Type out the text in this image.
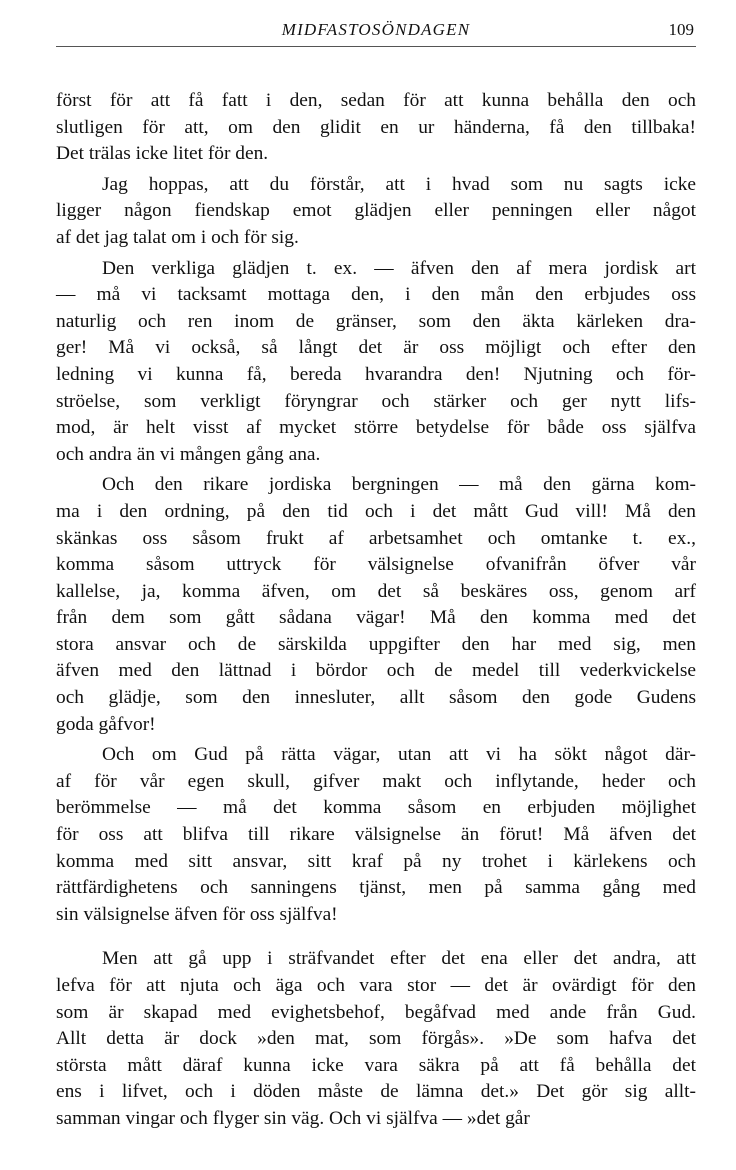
MIDFASTOSÖNDAGEN	109
först för att få fatt i den, sedan för att kunna behålla den och
slutligen för att, om den glidit en ur händerna, få den tillbaka!
Det trälas icke litet för den.
Jag hoppas, att du förstår, att i hvad som nu sagts icke
ligger någon fiendskap emot glädjen eller penningen eller något
af det jag talat om i och för sig.
Den verkliga glädjen t. ex. — äfven den af mera jordisk art
— må vi tacksamt mottaga den, i den mån den erbjudes oss
naturlig och ren inom de gränser, som den äkta kärleken dra-
ger! Må vi också, så långt det är oss möjligt och efter den
ledning vi kunna få, bereda hvarandra den! Njutning och för-
ströelse, som verkligt föryngrar och stärker och ger nytt lifs-
mod, är helt visst af mycket större betydelse för både oss själfva
och andra än vi mången gång ana.
Och den rikare jordiska bergningen — må den gärna kom-
ma i den ordning, på den tid och i det mått Gud vill! Må den
skänkas oss såsom frukt af arbetsamhet och omtanke t. ex.,
komma såsom uttryck för välsignelse ofvanifrån öfver vår
kallelse, ja, komma äfven, om det så beskäres oss, genom arf
från dem som gått sådana vägar! Må den komma med det
stora ansvar och de särskilda uppgifter den har med sig, men
äfven med den lättnad i bördor och de medel till vederkvickelse
och glädje, som den innesluter, allt såsom den gode Gudens
goda gåfvor!
Och om Gud på rätta vägar, utan att vi ha sökt något där-
af för vår egen skull, gifver makt och inflytande, heder och
berömmelse — må det komma såsom en erbjuden möjlighet
för oss att blifva till rikare välsignelse än förut! Må äfven det
komma med sitt ansvar, sitt kraf på ny trohet i kärlekens och
rättfärdighetens och sanningens tjänst, men på samma gång med
sin välsignelse äfven för oss själfva!
Men att gå upp i sträfvandet efter det ena eller det andra, att
lefva för att njuta och äga och vara stor — det är ovärdigt för den
som är skapad med evighetsbehof, begåfvad med ande från Gud.
Allt detta är dock »den mat, som förgås». »De som hafva det
största mått däraf kunna icke vara säkra på att få behålla det
ens i lifvet, och i döden måste de lämna det.» Det gör sig allt-
samman vingar och flyger sin väg. Och vi själfva — »det går
